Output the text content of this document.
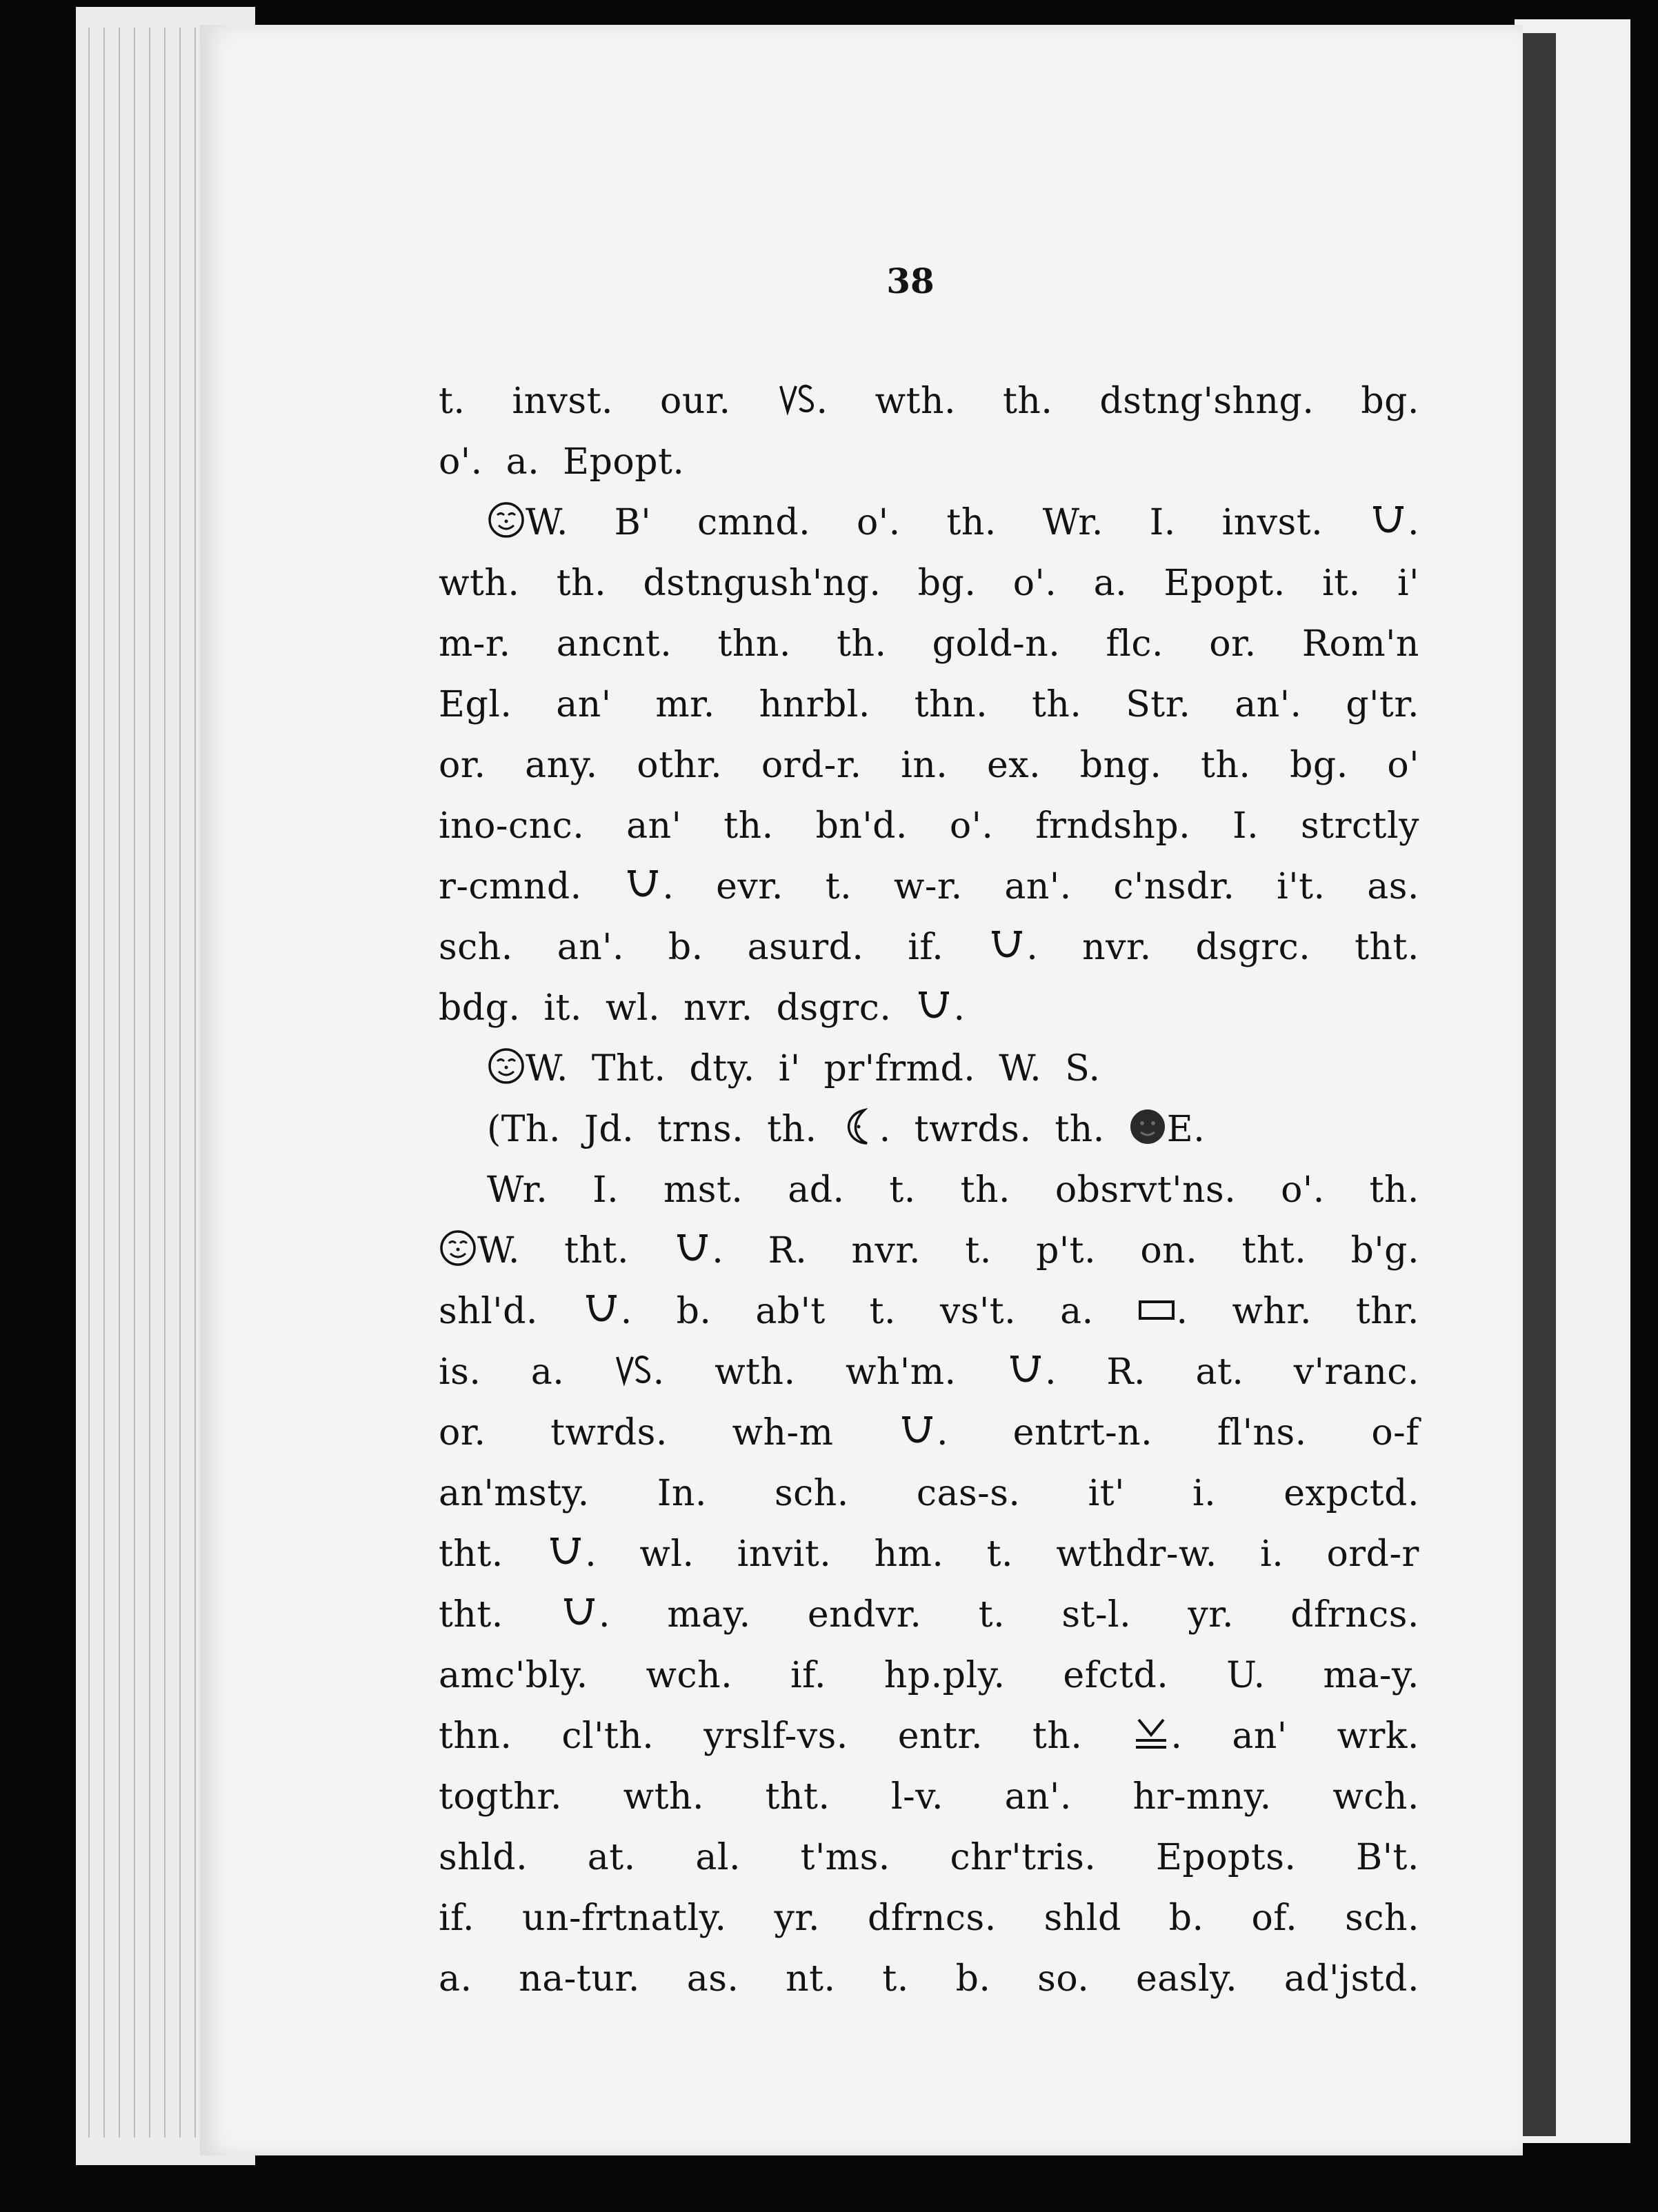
38
t. invst. our.	. wth. th. dstng'shng. bg.
o'. a. Epopt.
W. B' cmnd. o'. th. Wr. I. invst.	.
wth. th. dstngush'ng. bg. o'. a. Epopt. it. i'
m-r. ancnt. thn. th. gold-n. flc. or. Rom'n
Egl. an' mr. hnrbl. thn. th. Str. an'. g'tr.
or. any. othr. ord-r. in. ex. bng. th. bg. o'
ino-cnc. an' th. bn'd. o'. frndshp. I. strctly
r-cmnd.	. evr. t. w-r. an'. c'nsdr. i't. as.
sch. an'. b. asurd. if.	. nvr. dsgrc. tht.
bdg. it. wl. nvr. dsgrc.	.
W. Tht. dty. i' pr'frmd. W. S.
(Th. Jd. trns. th.	. twrds. th.	E.
Wr. I. mst. ad. t. th. obsrvt'ns. o'. th.
W. tht.	. R. nvr. t. p't. on. tht. b'g.
shl'd.	. b. ab't t. vs't. a.	. whr. thr.
is. a.	. wth. wh'm.	. R. at. v'ranc.
or. twrds. wh-m	. entrt-n. fl'ns. o-f
an'msty. In. sch. cas-s. it' i. expctd.
tht.	. wl. invit. hm. t. wthdr-w. i. ord-r
tht.	. may. endvr. t. st-l. yr. dfrncs.
amc'bly. wch. if. hp.ply. efctd. U. ma-y.
thn. cl'th. yrslf-vs. entr. th.	. an' wrk.
togthr. wth. tht. l-v. an'. hr-mny. wch.
shld. at. al. t'ms. chr'tris. Epopts. B't.
if. un-frtnatly. yr. dfrncs. shld b. of. sch.
a. na-tur. as. nt. t. b. so. easly. ad'jstd.
